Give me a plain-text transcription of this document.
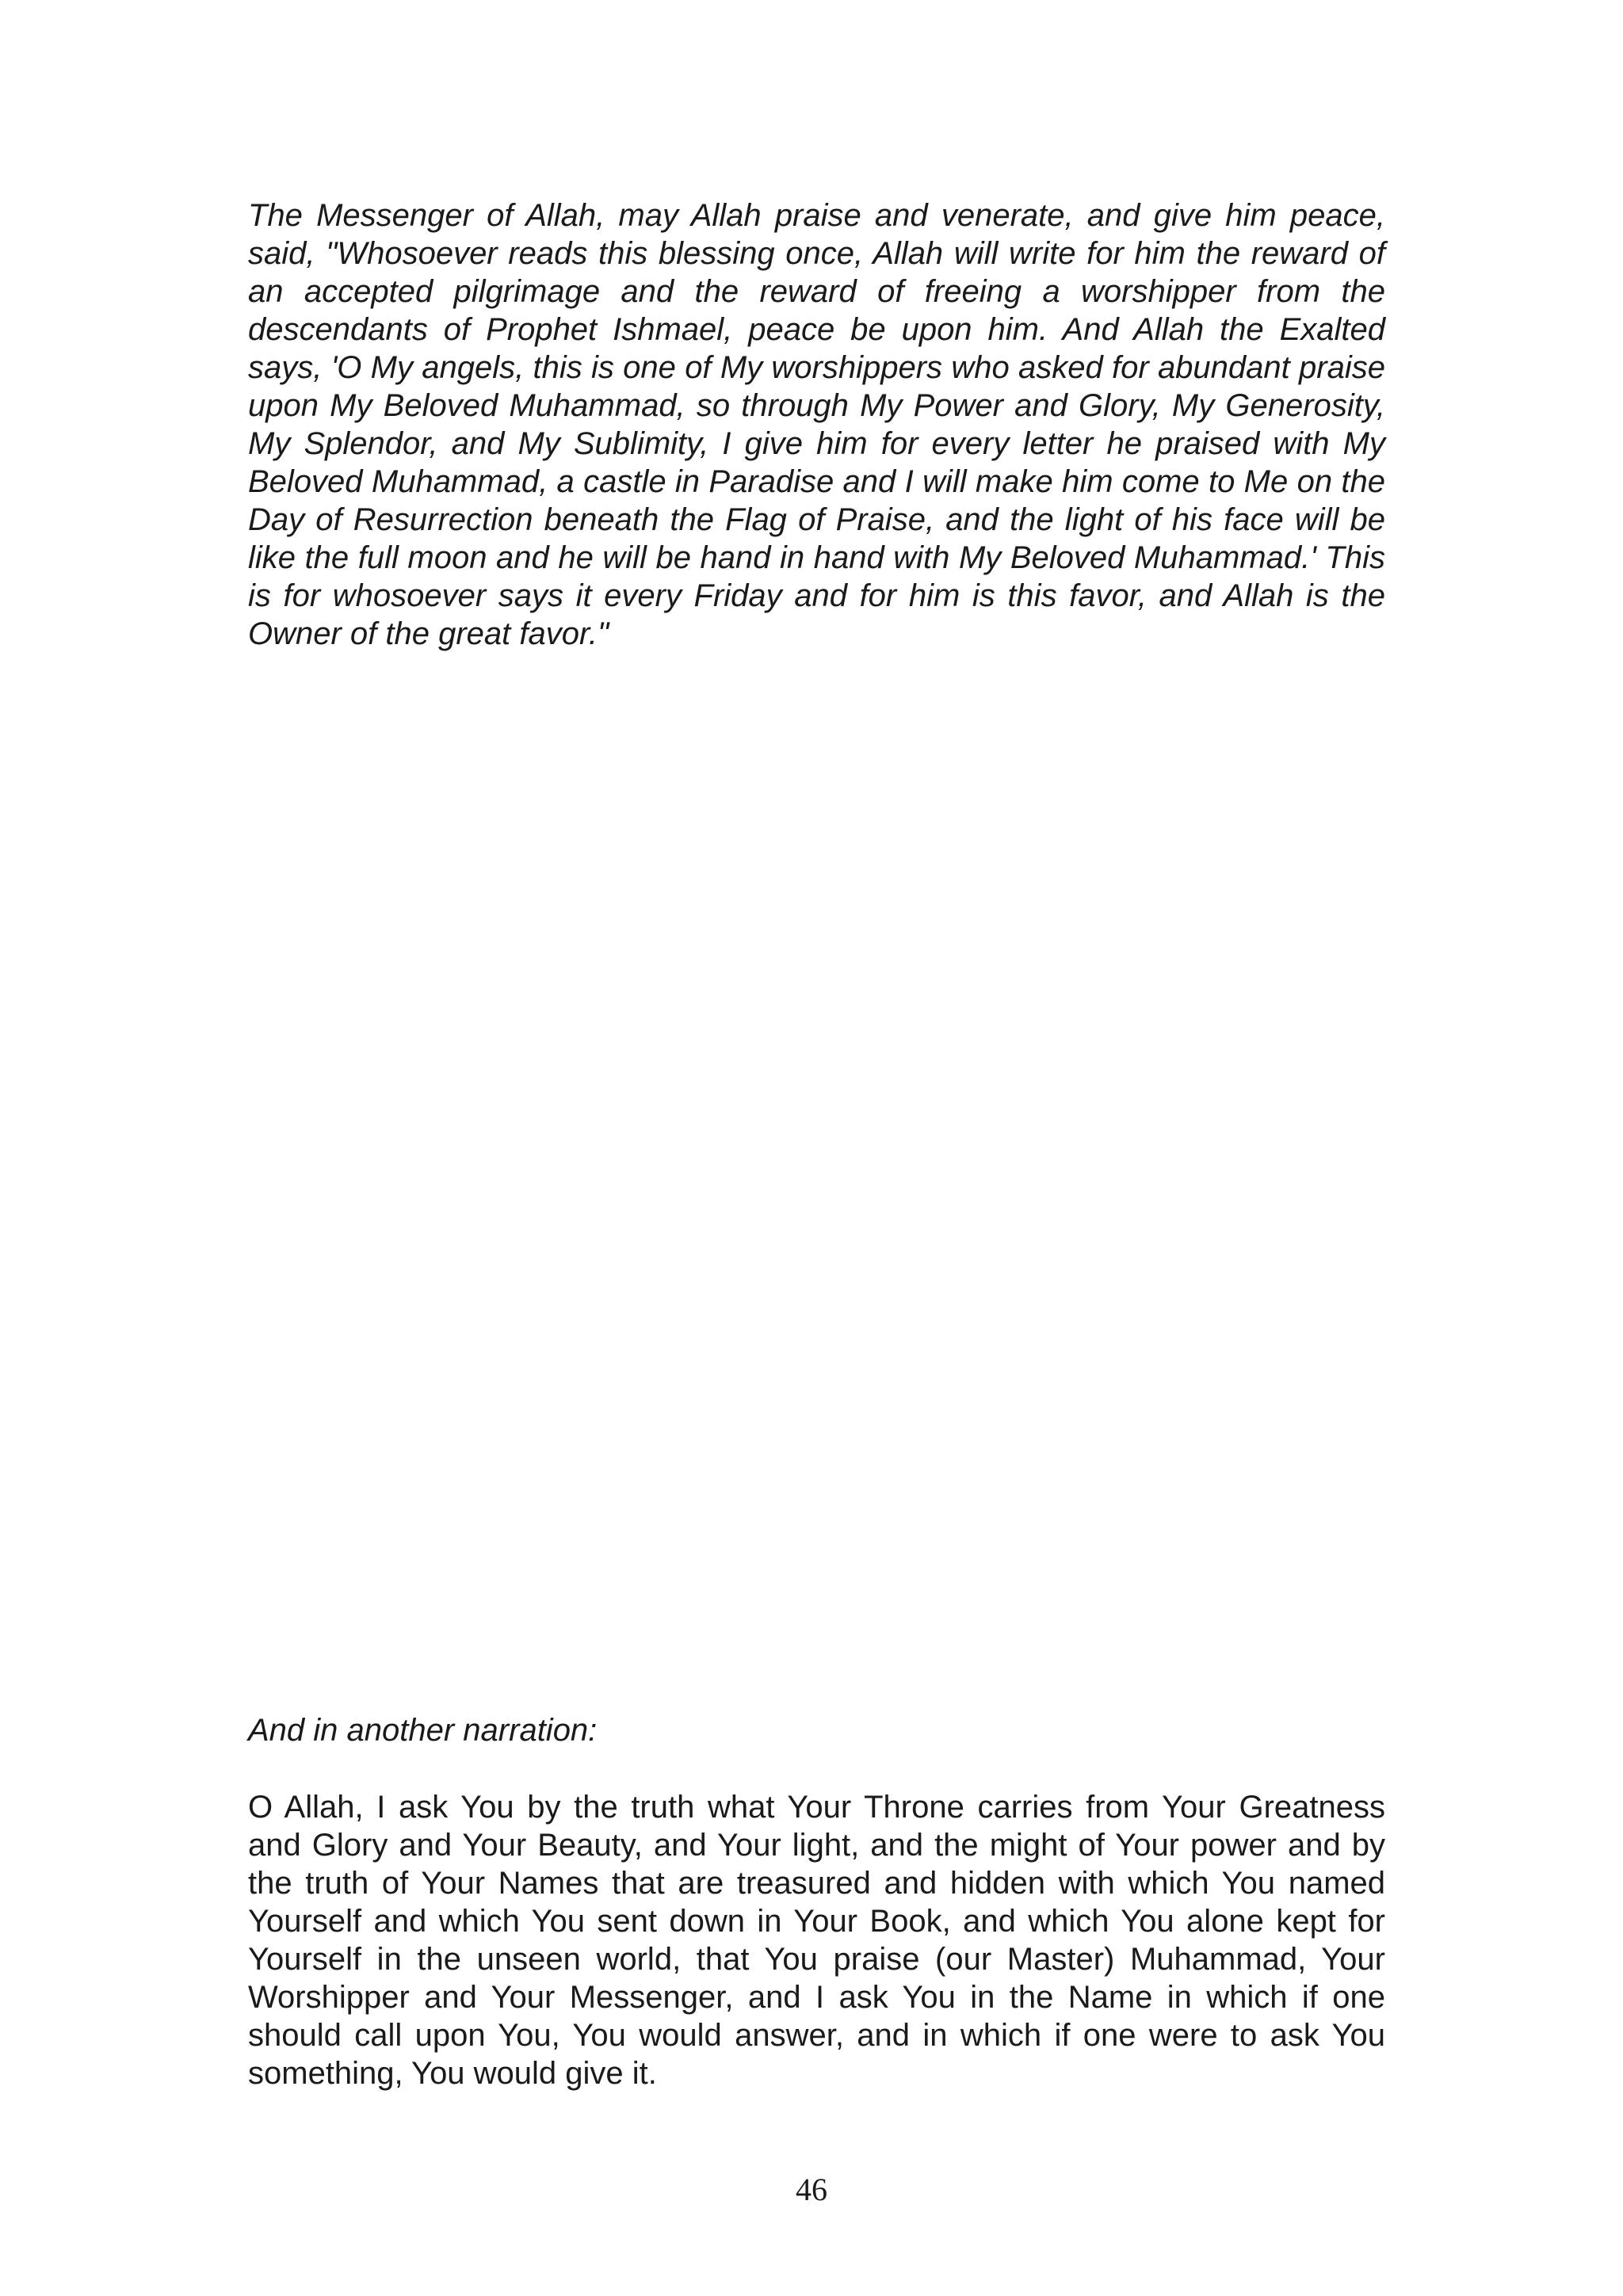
The Messenger of Allah, may Allah praise and venerate, and give him peace, said, "Whosoever reads this blessing once, Allah will write for him the reward of an accepted pilgrimage and the reward of freeing a worshipper from the descendants of Prophet Ishmael, peace be upon him. And Allah the Exalted says, 'O My angels, this is one of My worshippers who asked for abundant praise upon My Beloved Muhammad, so through My Power and Glory, My Generosity, My Splendor, and My Sublimity, I give him for every letter he praised with My Beloved Muhammad, a castle in Paradise and I will make him come to Me on the Day of Resurrection beneath the Flag of Praise, and the light of his face will be like the full moon and he will be hand in hand with My Beloved Muhammad.' This is for whosoever says it every Friday and for him is this favor, and Allah is the Owner of the great favor."

And in another narration:

O Allah, I ask You by the truth what Your Throne carries from Your Greatness and Glory and Your Beauty, and Your light, and the might of Your power and by the truth of Your Names that are treasured and hidden with which You named Yourself and which You sent down in Your Book, and which You alone kept for Yourself in the unseen world, that You praise (our Master) Muhammad, Your Worshipper and Your Messenger, and I ask You in the Name in which if one should call upon You, You would answer, and in which if one were to ask You something, You would give it.

46
